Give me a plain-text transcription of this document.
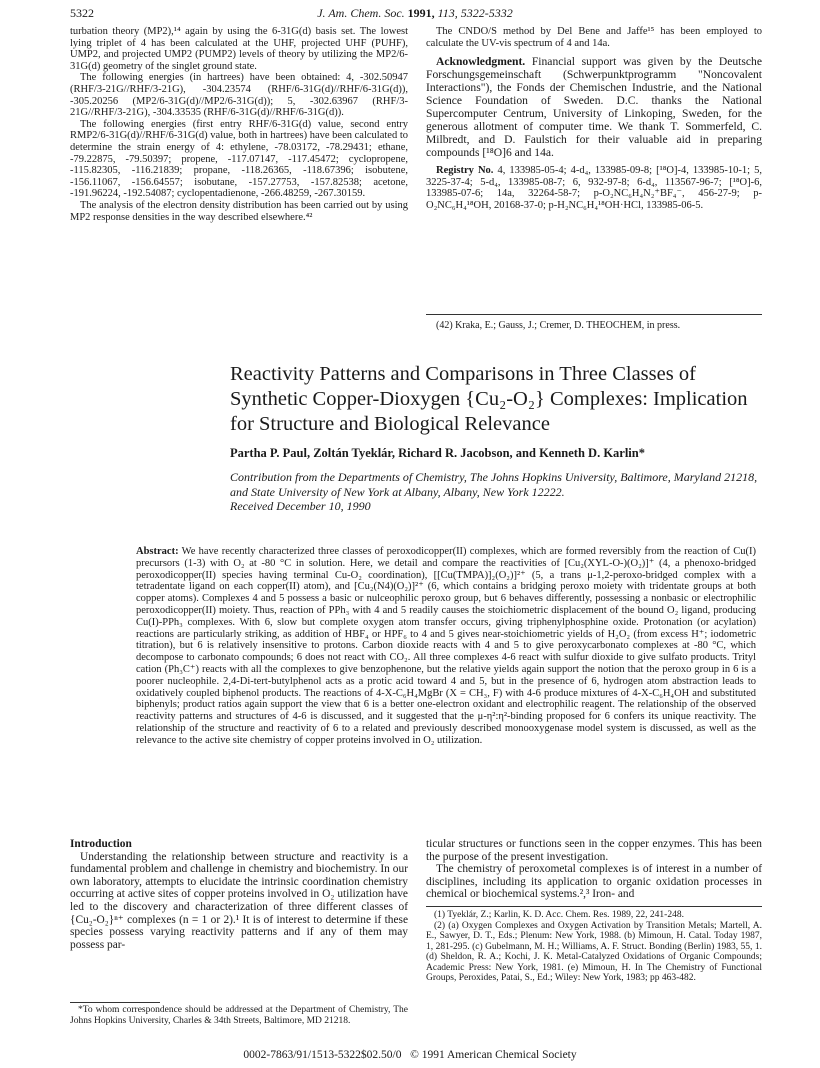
5322	J. Am. Chem. Soc. 1991, 113, 5322-5332

turbation theory (MP2),¹⁴ again by using the 6-31G(d) basis set. The lowest lying triplet of 4 has been calculated at the UHF, projected UHF (PUHF), UMP2, and projected UMP2 (PUMP2) levels of theory by utilizing the MP2/6-31G(d) geometry of the singlet ground state.

The following energies (in hartrees) have been obtained: 4, -302.50947 (RHF/3-21G//RHF/3-21G), -304.23574 (RHF/6-31G(d)//RHF/6-31G(d)), -305.20256 (MP2/6-31G(d)//MP2/6-31G(d)); 5, -302.63967 (RHF/3-21G//RHF/3-21G), -304.33535 (RHF/6-31G(d)//RHF/6-31G(d)).

The following energies (first entry RHF/6-31G(d) value, second entry RMP2/6-31G(d)//RHF/6-31G(d) value, both in hartrees) have been calculated to determine the strain energy of 4: ethylene, -78.03172, -78.29431; ethane, -79.22875, -79.50397; propene, -117.07147, -117.45472; cyclopropene, -115.82305, -116.21839; propane, -118.26365, -118.67396; isobutene, -156.11067, -156.64557; isobutane, -157.27753, -157.82538; acetone, -191.96224, -192.54087; cyclopentadienone, -266.48259, -267.30159.

The analysis of the electron density distribution has been carried out by using MP2 response densities in the way described elsewhere.⁴²

The CNDO/S method by Del Bene and Jaffe¹⁵ has been employed to calculate the UV-vis spectrum of 4 and 14a.

Acknowledgment. Financial support was given by the Deutsche Forschungsgemeinschaft (Schwerpunktprogramm "Noncovalent Interactions"), the Fonds der Chemischen Industrie, and the National Science Foundation of Sweden. D.C. thanks the National Supercomputer Centrum, University of Linkoping, Sweden, for the generous allotment of computer time. We thank T. Sommerfeld, C. Milbredt, and D. Faulstich for their valuable aid in preparing compounds [¹⁸O]6 and 14a.

Registry No. 4, 133985-05-4; 4-d₄, 133985-09-8; [¹⁸O]-4, 133985-10-1; 5, 3225-37-4; 5-d₄, 133985-08-7; 6, 932-97-8; 6-d₄, 113567-96-7; [¹⁸O]-6, 133985-07-6; 14a, 32264-58-7; p-O₂NC₆H₄N₂⁺BF₄⁻, 456-27-9; p-O₂NC₆H₄¹⁸OH, 20168-37-0; p-H₂NC₆H₄¹⁸OH·HCl, 133985-06-5.

(42) Kraka, E.; Gauss, J.; Cremer, D. THEOCHEM, in press.

Reactivity Patterns and Comparisons in Three Classes of Synthetic Copper-Dioxygen {Cu₂-O₂} Complexes: Implication for Structure and Biological Relevance
Partha P. Paul, Zoltán Tyeklár, Richard R. Jacobson, and Kenneth D. Karlin*
Contribution from the Departments of Chemistry, The Johns Hopkins University, Baltimore, Maryland 21218, and State University of New York at Albany, Albany, New York 12222.
Received December 10, 1990
Abstract: We have recently characterized three classes of peroxodicopper(II) complexes, which are formed reversibly from the reaction of Cu(I) precursors (1-3) with O₂ at -80 °C in solution. Here, we detail and compare the reactivities of [Cu₂(XYL-O-)(O₂)]⁺ (4, a phenoxo-bridged peroxodicopper(II) species having terminal Cu-O₂ coordination), [[Cu(TMPA)]₂(O₂)]²⁺ (5, a trans μ-1,2-peroxo-bridged complex with a tetradentate ligand on each copper(II) atom), and [Cu₂(N4)(O₂)]²⁺ (6, which contains a bridging peroxo moiety with tridentate groups at both copper atoms). Complexes 4 and 5 possess a basic or nulceophilic peroxo group, but 6 behaves differently, possessing a nonbasic or electrophilic peroxodicopper(II) moiety. Thus, reaction of PPh₃ with 4 and 5 readily causes the stoichiometric displacement of the bound O₂ ligand, producing Cu(I)-PPh₃ complexes. With 6, slow but complete oxygen atom transfer occurs, giving triphenylphosphine oxide. Protonation (or acylation) reactions are particularly striking, as addition of HBF₄ or HPF₆ to 4 and 5 gives near-stoichiometric yields of H₂O₂ (from excess H⁺; iodometric titration), but 6 is relatively insensitive to protons. Carbon dioxide reacts with 4 and 5 to give peroxycarbonato complexes at -80 °C, which decompose to carbonato compounds; 6 does not react with CO₂. All three complexes 4-6 react with sulfur dioxide to give sulfato products. Trityl cation (Ph₃C⁺) reacts with all the complexes to give benzophenone, but the relative yields again support the notion that the peroxo group in 6 is a poorer nucleophile. 2,4-Di-tert-butylphenol acts as a protic acid toward 4 and 5, but in the presence of 6, hydrogen atom abstraction leads to oxidatively coupled biphenol products. The reactions of 4-X-C₆H₄MgBr (X = CH₃, F) with 4-6 produce mixtures of 4-X-C₆H₄OH and substituted biphenyls; product ratios again support the view that 6 is a better one-electron oxidant and electrophilic reagent. The relationship of the observed reactivity patterns and structures of 4-6 is discussed, and it suggested that the μ-η²:η²-binding proposed for 6 confers its unique reactivity. The relationship of the structure and reactivity of 6 to a related and previously described monooxygenase model system is discussed, as well as the relevance to the active site chemistry of copper proteins involved in O₂ utilization.

Introduction

Understanding the relationship between structure and reactivity is a fundamental problem and challenge in chemistry and biochemistry. In our own laboratory, attempts to elucidate the intrinsic coordination chemistry occurring at active sites of copper proteins involved in O₂ utilization have led to the discovery and characterization of three different classes of {Cu₂-O₂}ⁿ⁺ complexes (n = 1 or 2).¹ It is of interest to determine if these species possess varying reactivity patterns and if any of them may possess par-

*To whom correspondence should be addressed at the Department of Chemistry, The Johns Hopkins University, Charles & 34th Streets, Baltimore, MD 21218.

ticular structures or functions seen in the copper enzymes. This has been the purpose of the present investigation.

The chemistry of peroxometal complexes is of interest in a number of disciplines, including its application to organic oxidation processes in chemical or biochemical systems.²,³ Iron- and

(1) Tyeklár, Z.; Karlin, K. D. Acc. Chem. Res. 1989, 22, 241-248.

(2) (a) Oxygen Complexes and Oxygen Activation by Transition Metals; Martell, A. E., Sawyer, D. T., Eds.; Plenum: New York, 1988. (b) Mimoun, H. Catal. Today 1987, 1, 281-295. (c) Gubelmann, M. H.; Williams, A. F. Struct. Bonding (Berlin) 1983, 55, 1. (d) Sheldon, R. A.; Kochi, J. K. Metal-Catalyzed Oxidations of Organic Compounds; Academic Press: New York, 1981. (e) Mimoun, H. In The Chemistry of Functional Groups, Peroxides, Patai, S., Ed.; Wiley: New York, 1983; pp 463-482.

0002-7863/91/1513-5322$02.50/0   © 1991 American Chemical Society
